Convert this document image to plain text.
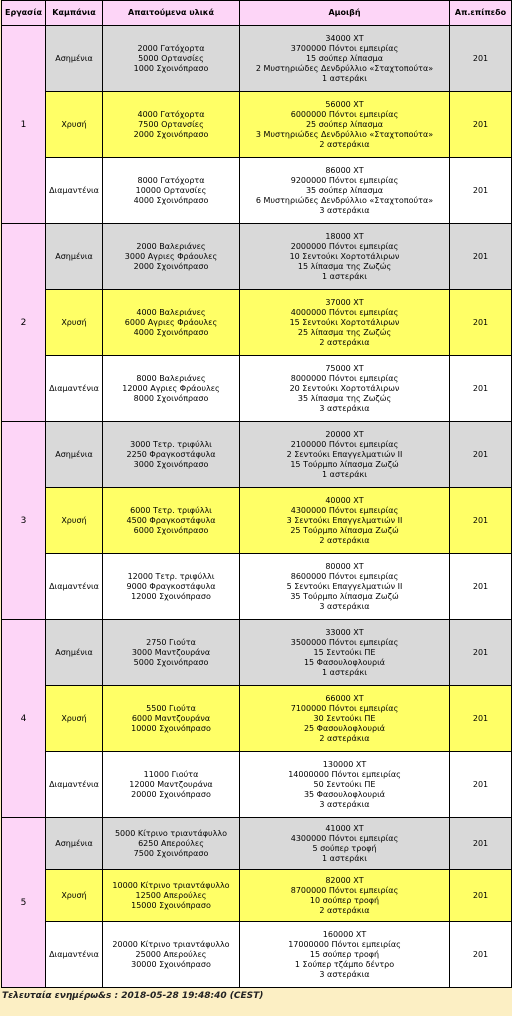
Εργασία	Καμπάνια	Απαιτούμενα υλικά	Αμοιβή	Απ.επίπεδο
1	Ασημένια	2000 Γατόχορτα
5000 Ορτανσίες
1000 Σχοινόπρασο	34000 ΧΤ
3700000 Πόντοι εμπειρίας
15 σούπερ λίπασμα
2 Μυστηριώδες Δενδρύλλιο «Σταχτοπούτα»
1 αστεράκι	201
	Χρυσή	4000 Γατόχορτα
7500 Ορτανσίες
2000 Σχοινόπρασο	56000 ΧΤ
6000000 Πόντοι εμπειρίας
25 σούπερ λίπασμα
3 Μυστηριώδες Δενδρύλλιο «Σταχτοπούτα»
2 αστεράκια	201
	Διαμαντένια	8000 Γατόχορτα
10000 Ορτανσίες
4000 Σχοινόπρασο	86000 ΧΤ
9200000 Πόντοι εμπειρίας
35 σούπερ λίπασμα
6 Μυστηριώδες Δενδρύλλιο «Σταχτοπούτα»
3 αστεράκια	201
2	Ασημένια	2000 Βαλεριάνες
3000 Αγριες Φράουλες
2000 Σχοινόπρασο	18000 ΧΤ
2000000 Πόντοι εμπειρίας
10 Σεντούκι Χορτοτάλιρων
15 λίπασμα της Ζωζώς
1 αστεράκι	201
	Χρυσή	4000 Βαλεριάνες
6000 Αγριες Φράουλες
4000 Σχοινόπρασο	37000 ΧΤ
4000000 Πόντοι εμπειρίας
15 Σεντούκι Χορτοτάλιρων
25 λίπασμα της Ζωζώς
2 αστεράκια	201
	Διαμαντένια	8000 Βαλεριάνες
12000 Αγριες Φράουλες
8000 Σχοινόπρασο	75000 ΧΤ
8000000 Πόντοι εμπειρίας
20 Σεντούκι Χορτοτάλιρων
35 λίπασμα της Ζωζώς
3 αστεράκια	201
3	Ασημένια	3000 Τετρ. τριφύλλι
2250 Φραγκοστάφυλα
3000 Σχοινόπρασο	20000 ΧΤ
2100000 Πόντοι εμπειρίας
2 Σεντούκι Επαγγελματιών II
15 Τούρμπο λίπασμα Ζωζώ
1 αστεράκι	201
	Χρυσή	6000 Τετρ. τριφύλλι
4500 Φραγκοστάφυλα
6000 Σχοινόπρασο	40000 ΧΤ
4300000 Πόντοι εμπειρίας
3 Σεντούκι Επαγγελματιών II
25 Τούρμπο λίπασμα Ζωζώ
2 αστεράκια	201
	Διαμαντένια	12000 Τετρ. τριφύλλι
9000 Φραγκοστάφυλα
12000 Σχοινόπρασο	80000 ΧΤ
8600000 Πόντοι εμπειρίας
5 Σεντούκι Επαγγελματιών II
35 Τούρμπο λίπασμα Ζωζώ
3 αστεράκια	201
4	Ασημένια	2750 Γιούτα
3000 Μαντζουράνα
5000 Σχοινόπρασο	33000 ΧΤ
3500000 Πόντοι εμπειρίας
15 Σεντούκι ΠΕ
15 Φασουλοφλουριά
1 αστεράκι	201
	Χρυσή	5500 Γιούτα
6000 Μαντζουράνα
10000 Σχοινόπρασο	66000 ΧΤ
7100000 Πόντοι εμπειρίας
30 Σεντούκι ΠΕ
25 Φασουλοφλουριά
2 αστεράκια	201
	Διαμαντένια	11000 Γιούτα
12000 Μαντζουράνα
20000 Σχοινόπρασο	130000 ΧΤ
14000000 Πόντοι εμπειρίας
50 Σεντούκι ΠΕ
35 Φασουλοφλουριά
3 αστεράκια	201
5	Ασημένια	5000 Κίτρινο τριαντάφυλλο
6250 Απερούλες
7500 Σχοινόπρασο	41000 ΧΤ
4300000 Πόντοι εμπειρίας
5 σούπερ τροφή
1 αστεράκι	201
	Χρυσή	10000 Κίτρινο τριαντάφυλλο
12500 Απερούλες
15000 Σχοινόπρασο	82000 ΧΤ
8700000 Πόντοι εμπειρίας
10 σούπερ τροφή
2 αστεράκια	201
	Διαμαντένια	20000 Κίτρινο τριαντάφυλλο
25000 Απερούλες
30000 Σχοινόπρασο	160000 ΧΤ
17000000 Πόντοι εμπειρίας
15 σούπερ τροφή
1 Σούπερ τζάμπο δέντρο
3 αστεράκια	201
Τελευταία ενημέρω&s : 2018-05-28 19:48:40 (CEST)
